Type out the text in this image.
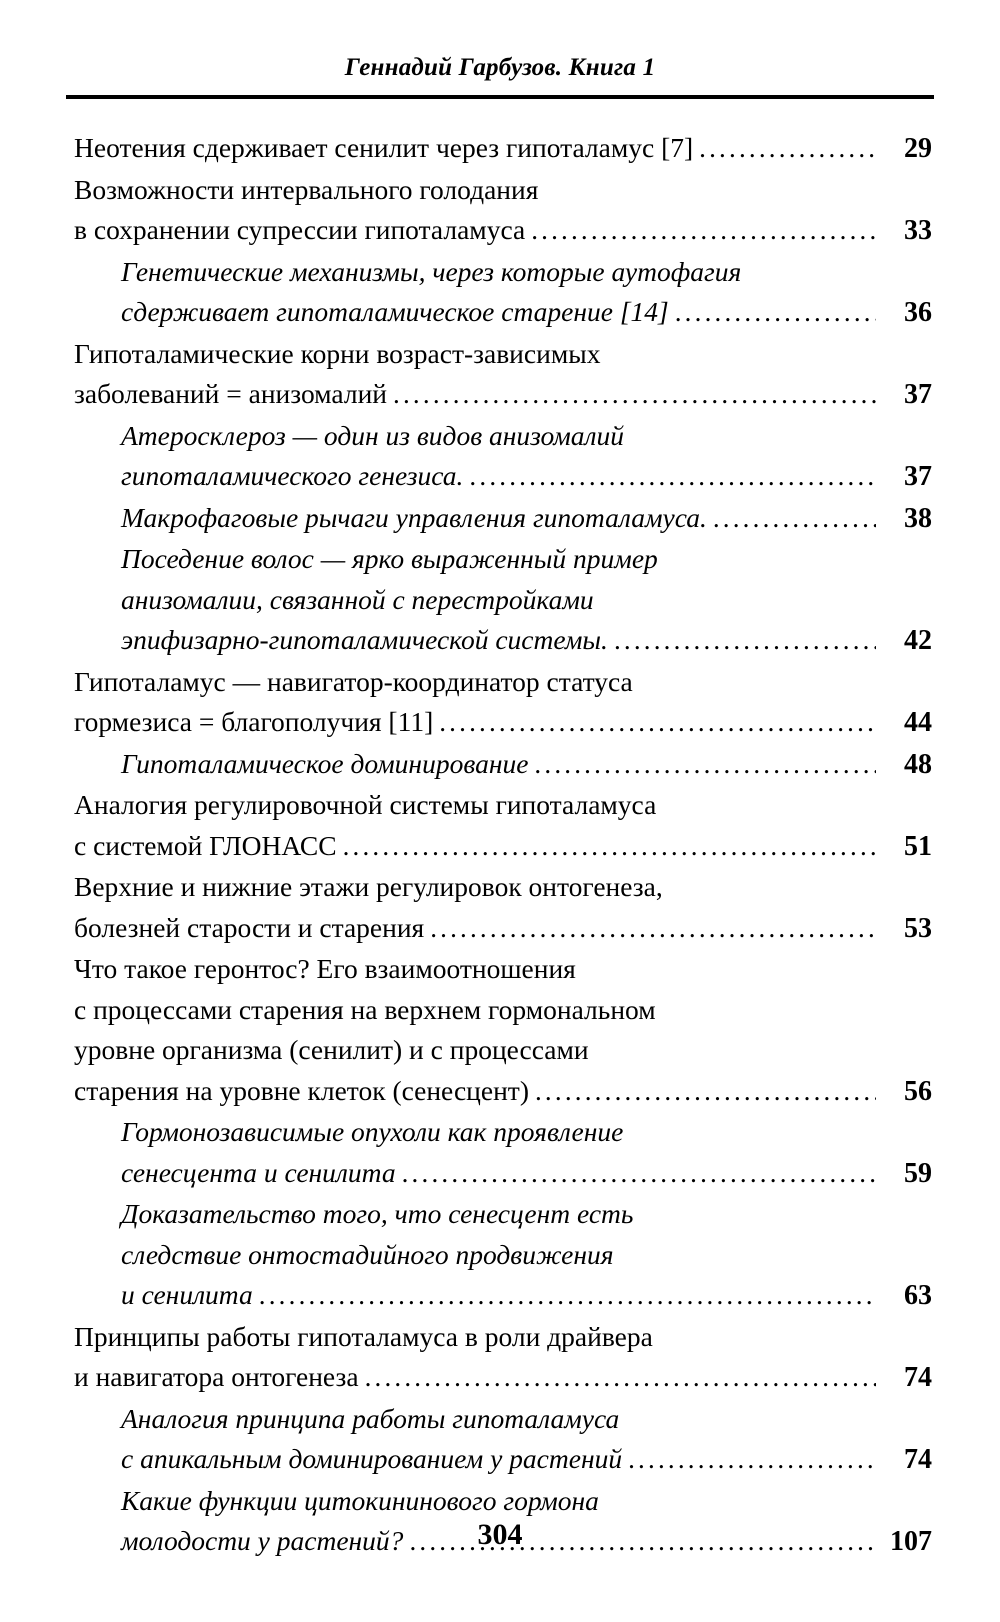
Геннадий Гарбузов. Книга 1
Неотения сдерживает сенилит через гипоталамус [7] .....	29
Возможности интервального голодания
в сохранении супрессии гипоталамуса .....	33
Генетические механизмы, через которые аутофагия
сдерживает гипоталамическое старение [14] .....	36
Гипоталамические корни возраст-зависимых
заболеваний = анизомалий .....	37
Атеросклероз — один из видов анизомалий
гипоталамического генезиса. .....	37
Макрофаговые рычаги управления гипоталамуса. .....	38
Поседение волос — ярко выраженный пример
анизомалии, связанной с перестройками
эпифизарно-гипоталамической системы. .....	42
Гипоталамус — навигатор-координатор статуса
гормезиса = благополучия [11] .....	44
Гипоталамическое доминирование .....	48
Аналогия регулировочной системы гипоталамуса
с системой ГЛОНАСС .....	51
Верхние и нижние этажи регулировок онтогенеза,
болезней старости и старения .....	53
Что такое геронтос? Его взаимоотношения
с процессами старения на верхнем гормональном
уровне организма (сенилит) и с процессами
старения на уровне клеток (сенесцент) .....	56
Гормонозависимые опухоли как проявление
сенесцента и сенилита .....	59
Доказательство того, что сенесцент есть
следствие онтостадийного продвижения
и сенилита .....	63
Принципы работы гипоталамуса в роли драйвера
и навигатора онтогенеза .....	74
Аналогия принципа работы гипоталамуса
с апикальным доминированием у растений .....	74
Какие функции цитокининового гормона
молодости у растений? .....	107
304
